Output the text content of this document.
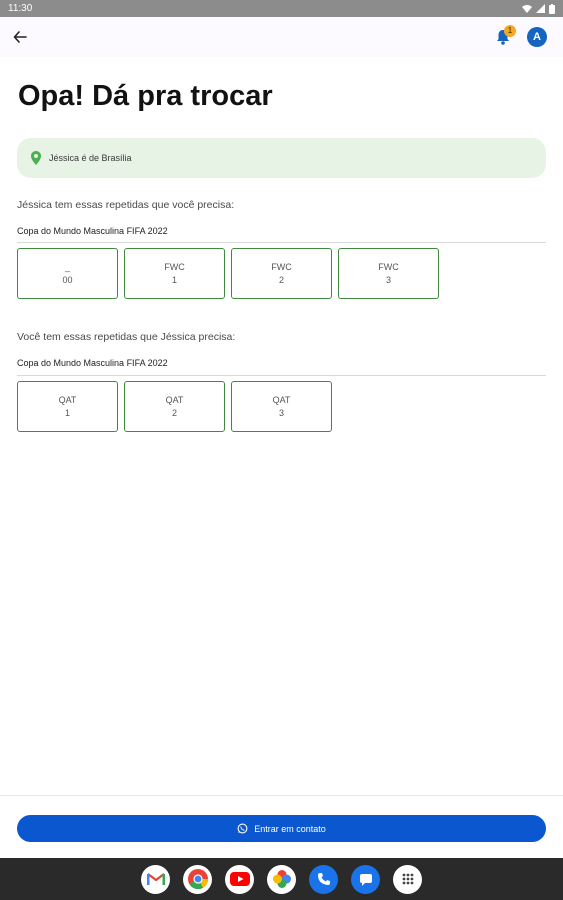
11:30
1
A
Opa! Dá pra trocar
Jéssica é de Brasília
Jéssica tem essas repetidas que você precisa:
Copa do Mundo Masculina FIFA 2022
_
00
FWC
1
FWC
2
FWC
3
Você tem essas repetidas que Jéssica precisa:
Copa do Mundo Masculina FIFA 2022
QAT
1
QAT
2
QAT
3
Entrar em contato
